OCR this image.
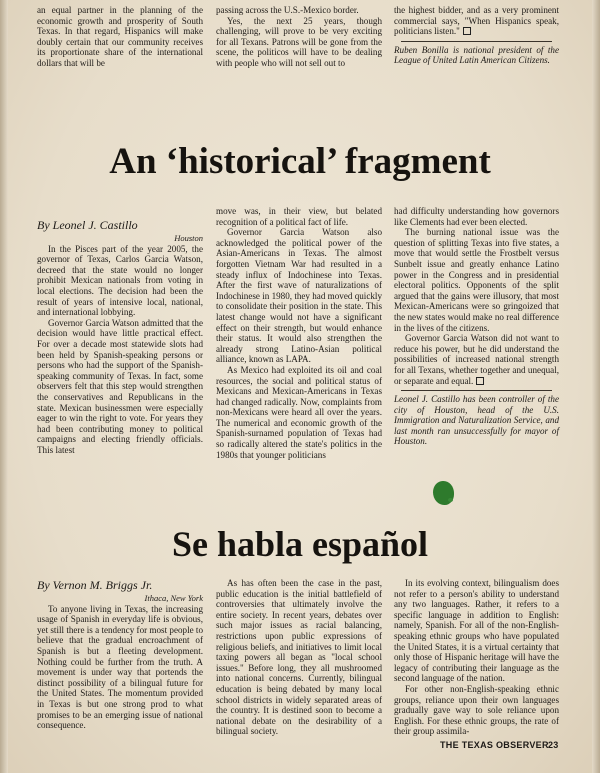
an equal partner in the planning of the economic growth and prosperity of South Texas. In that regard, Hispanics will make doubly certain that our community receives its proportionate share of the international dollars that will be

passing across the U.S.-Mexico border.

Yes, the next 25 years, though challenging, will prove to be very exciting for all Texans. Patrons will be gone from the scene, the politicos will have to be dealing with people who will not sell out to

the highest bidder, and as a very prominent commercial says, "When Hispanics speak, politicians listen."

Ruben Bonilla is national president of the League of United Latin American Citizens.

An ‘historical’ fragment

By Leonel J. Castillo

Houston

In the Pisces part of the year 2005, the governor of Texas, Carlos Garcia Watson, decreed that the state would no longer prohibit Mexican nationals from voting in local elections. The decision had been the result of years of intensive local, national, and international lobbying.

Governor Garcia Watson admitted that the decision would have little practical effect. For over a decade most statewide slots had been held by Spanish-speaking persons or persons who had the support of the Spanish-speaking community of Texas. In fact, some observers felt that this step would strengthen the conservatives and Republicans in the state. Mexican businessmen were especially eager to win the right to vote. For years they had been contributing money to political campaigns and electing friendly officials. This latest

move was, in their view, but belated recognition of a political fact of life.

Governor Garcia Watson also acknowledged the political power of the Asian-Americans in Texas. The almost forgotten Vietnam War had resulted in a steady influx of Indochinese into Texas. After the first wave of naturalizations of Indochinese in 1980, they had moved quickly to consolidate their position in the state. This latest change would not have a significant effect on their strength, but would enhance their status. It would also strengthen the already strong Latino-Asian political alliance, known as LAPA.

As Mexico had exploited its oil and coal resources, the social and political status of Mexicans and Mexican-Americans in Texas had changed radically. Now, complaints from non-Mexicans were heard all over the years. The numerical and economic growth of the Spanish-surnamed population of Texas had so radically altered the state's politics in the 1980s that younger politicians

had difficulty understanding how governors like Clements had ever been elected.

The burning national issue was the question of splitting Texas into five states, a move that would settle the Frostbelt versus Sunbelt issue and greatly enhance Latino power in the Congress and in presidential electoral politics. Opponents of the split argued that the gains were illusory, that most Mexican-Americans were so gringoized that the new states would make no real difference in the lives of the citizens.

Governor Garcia Watson did not want to reduce his power, but he did understand the possibilities of increased national strength for all Texans, whether together and unequal, or separate and equal.

Leonel J. Castillo has been controller of the city of Houston, head of the U.S. Immigration and Naturalization Service, and last month ran unsuccessfully for mayor of Houston.

Se habla español

By Vernon M. Briggs Jr.

Ithaca, New York

To anyone living in Texas, the increasing usage of Spanish in everyday life is obvious, yet still there is a tendency for most people to believe that the gradual encroachment of Spanish is but a fleeting development. Nothing could be further from the truth. A movement is under way that portends the distinct possibility of a bilingual future for the United States. The momentum provided in Texas is but one strong prod to what promises to be an emerging issue of national consequence.

As has often been the case in the past, public education is the initial battlefield of controversies that ultimately involve the entire society. In recent years, debates over such major issues as racial balancing, restrictions upon public expressions of religious beliefs, and initiatives to limit local taxing powers all began as "local school issues." Before long, they all mushroomed into national concerns. Currently, bilingual education is being debated by many local school districts in widely separated areas of the country. It is destined soon to become a national debate on the desirability of a bilingual society.

In its evolving context, bilingualism does not refer to a person's ability to understand any two languages. Rather, it refers to a specific language in addition to English: namely, Spanish. For all of the non-English-speaking ethnic groups who have populated the United States, it is a virtual certainty that only those of Hispanic heritage will have the legacy of contributing their language as the second language of the nation.

For other non-English-speaking ethnic groups, reliance upon their own languages gradually gave way to sole reliance upon English. For these ethnic groups, the rate of their group assimila-

THE TEXAS OBSERVER 23
